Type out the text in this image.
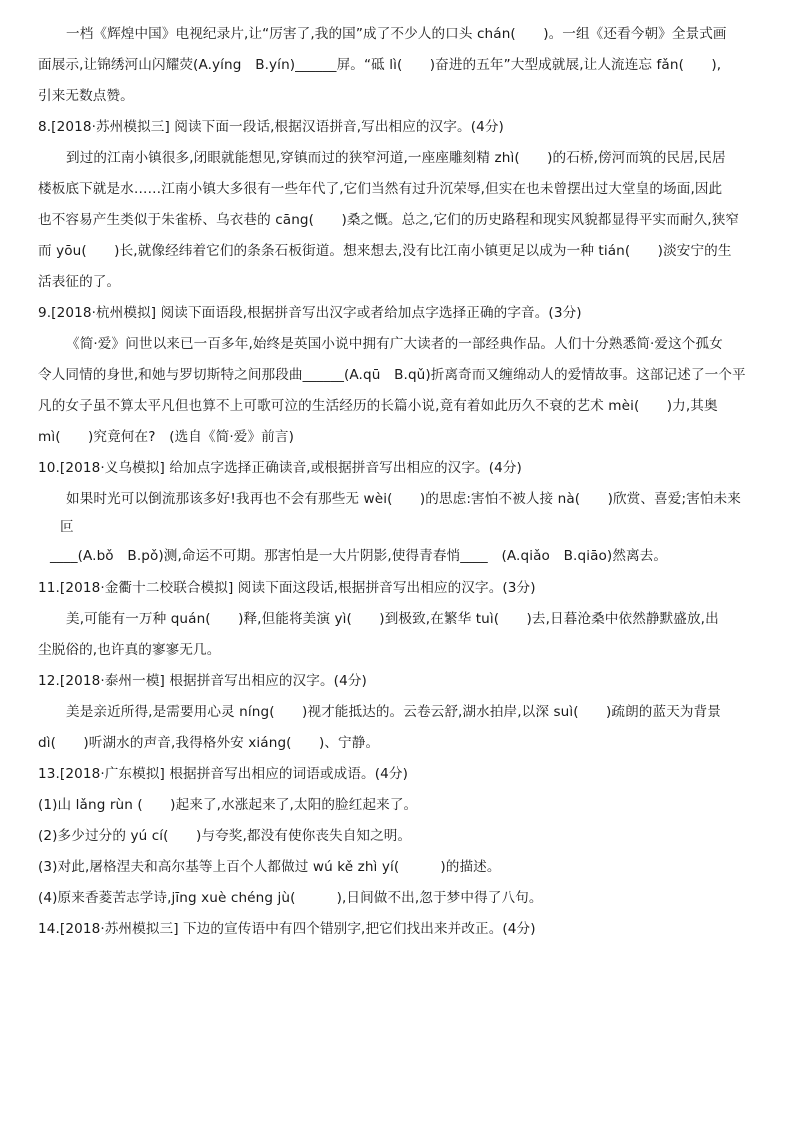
一档《辉煌中国》电视纪录片,让“厉害了,我的国”成了不少人的口头 chán(　　)。一组《还看今朝》全景式画
面展示,让锦绣河山闪耀荧(A.yíng　B.yín)______屏。“砥 lì(　　)奋进的五年”大型成就展,让人流连忘 fǎn(　　),
引来无数点赞。
8.[2018·苏州模拟三] 阅读下面一段话,根据汉语拼音,写出相应的汉字。(4分)
到过的江南小镇很多,闭眼就能想见,穿镇而过的狭窄河道,一座座雕刻精 zhì(　　)的石桥,傍河而筑的民居,民居
楼板底下就是水……江南小镇大多很有一些年代了,它们当然有过升沉荣辱,但实在也未曾摆出过大堂皇的场面,因此
也不容易产生类似于朱雀桥、乌衣巷的 cāng(　　)桑之慨。总之,它们的历史路程和现实风貌都显得平实而耐久,狭窄
而 yōu(　　)长,就像经纬着它们的条条石板街道。想来想去,没有比江南小镇更足以成为一种 tián(　　)淡安宁的生
活表征的了。
9.[2018·杭州模拟] 阅读下面语段,根据拼音写出汉字或者给加点字选择正确的字音。(3分)
《简·爱》问世以来已一百多年,始终是英国小说中拥有广大读者的一部经典作品。人们十分熟悉简·爱这个孤女
令人同情的身世,和她与罗切斯特之间那段曲______(A.qū　B.qǔ)折离奇而又缠绵动人的爱情故事。这部记述了一个平
凡的女子虽不算太平凡但也算不上可歌可泣的生活经历的长篇小说,竟有着如此历久不衰的艺术 mèi(　　)力,其奥
mì(　　)究竟何在?　(选自《简·爱》前言)
10.[2018·义乌模拟] 给加点字选择正确读音,或根据拼音写出相应的汉字。(4分)
如果时光可以倒流那该多好!我再也不会有那些无 wèi(　　)的思虑:害怕不被人接 nà(　　)欣赏、喜爱;害怕未来
叵
____(A.bǒ　B.pǒ)测,命运不可期。那害怕是一大片阴影,使得青春悄____　(A.qiǎo　B.qiāo)然离去。
11.[2018·金衢十二校联合模拟] 阅读下面这段话,根据拼音写出相应的汉字。(3分)
美,可能有一万种 quán(　　)释,但能将美演 yì(　　)到极致,在繁华 tuì(　　)去,日暮沧桑中依然静默盛放,出
尘脱俗的,也许真的寥寥无几。
12.[2018·泰州一模] 根据拼音写出相应的汉字。(4分)
美是亲近所得,是需要用心灵 níng(　　)视才能抵达的。云卷云舒,湖水拍岸,以深 suì(　　)疏朗的蓝天为背景
dì(　　)听湖水的声音,我得格外安 xiáng(　　)、宁静。
13.[2018·广东模拟] 根据拼音写出相应的词语或成语。(4分)
(1)山 lǎng rùn (　　)起来了,水涨起来了,太阳的脸红起来了。
(2)多少过分的 yú cí(　　)与夸奖,都没有使你丧失自知之明。
(3)对此,屠格涅夫和高尔基等上百个人都做过 wú kě zhì yí(　　　)的描述。
(4)原来香菱苦志学诗,jīng xuè chéng jù(　　　),日间做不出,忽于梦中得了八句。
14.[2018·苏州模拟三] 下边的宣传语中有四个错别字,把它们找出来并改正。(4分)
